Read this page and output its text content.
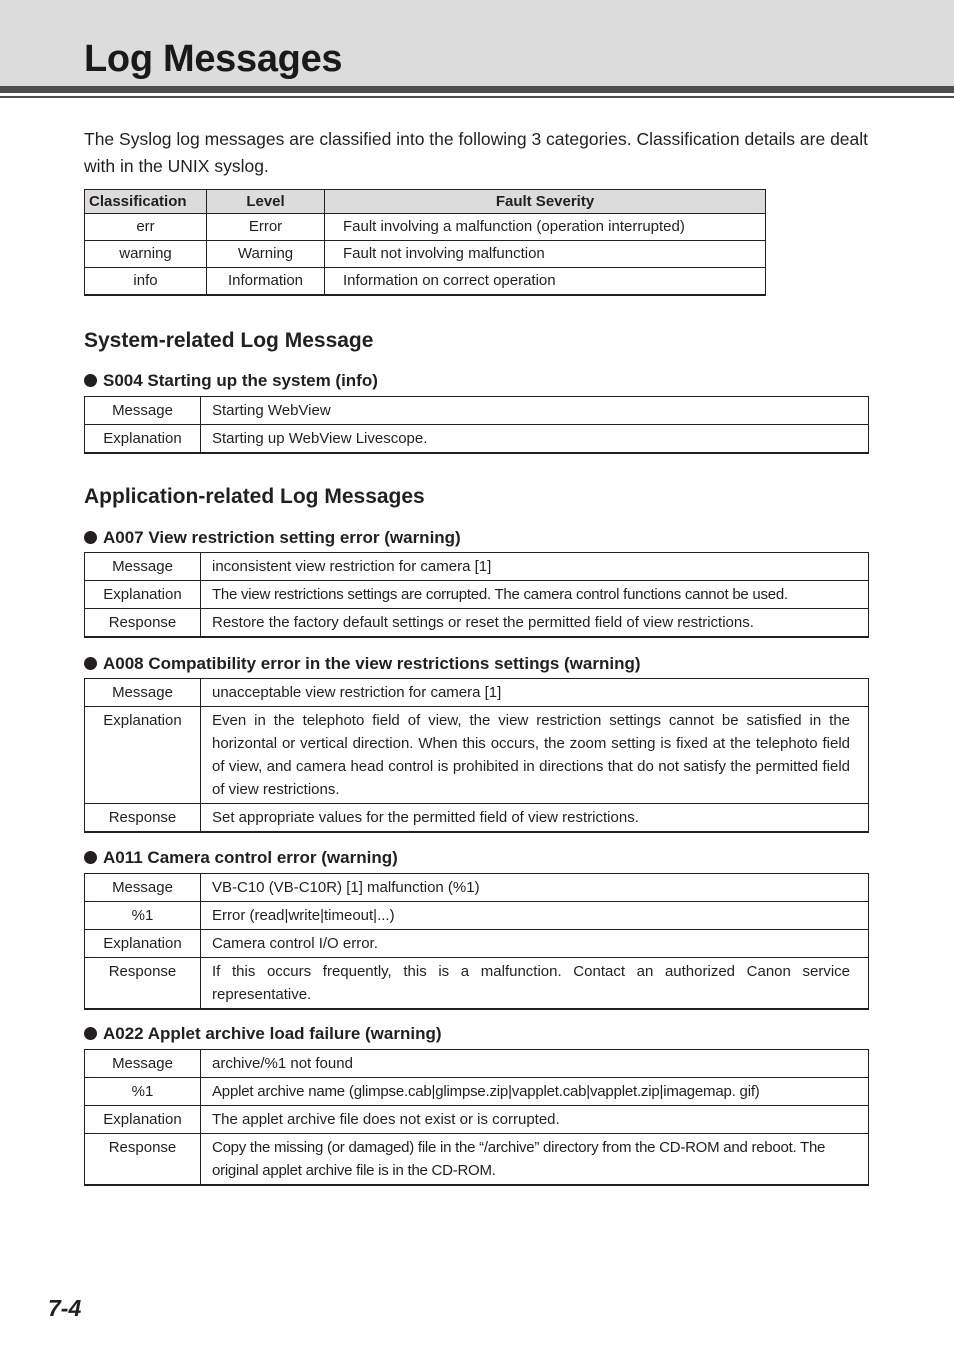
Log Messages

The Syslog log messages are classified into the following 3 categories. Classification details are dealt with in the UNIX syslog.

Classification	Level	Fault Severity
err	Error	Fault involving a malfunction (operation interrupted)
warning	Warning	Fault not involving malfunction
info	Information	Information on correct operation
System-related Log Message
S004 Starting up the system (info)
Message	Starting WebView
Explanation	Starting up WebView Livescope.
Application-related Log Messages
A007 View restriction setting error (warning)
Message	inconsistent view restriction for camera [1]
Explanation	The view restrictions settings are corrupted. The camera control functions cannot be used.
Response	Restore the factory default settings or reset the permitted field of view restrictions.
A008 Compatibility error in the view restrictions settings (warning)
Message	unacceptable view restriction for camera [1]
Explanation	Even in the telephoto field of view, the view restriction settings cannot be satisfied in the horizontal or vertical direction. When this occurs, the zoom setting is fixed at the telephoto field of view, and camera head control is prohibited in directions that do not satisfy the permitted field of view restrictions.
Response	Set appropriate values for the permitted field of view restrictions.
A011 Camera control error (warning)
Message	VB-C10 (VB-C10R) [1] malfunction (%1)
%1	Error (read|write|timeout|...)
Explanation	Camera control I/O error.
Response	If this occurs frequently, this is a malfunction. Contact an authorized Canon service representative.
A022 Applet archive load failure (warning)
Message	archive/%1 not found
%1	Applet archive name (glimpse.cab|glimpse.zip|vapplet.cab|vapplet.zip|imagemap. gif)
Explanation	The applet archive file does not exist or is corrupted.
Response	Copy the missing (or damaged) file in the “/archive” directory from the CD-ROM and reboot. The original applet archive file is in the CD-ROM.

7-4
